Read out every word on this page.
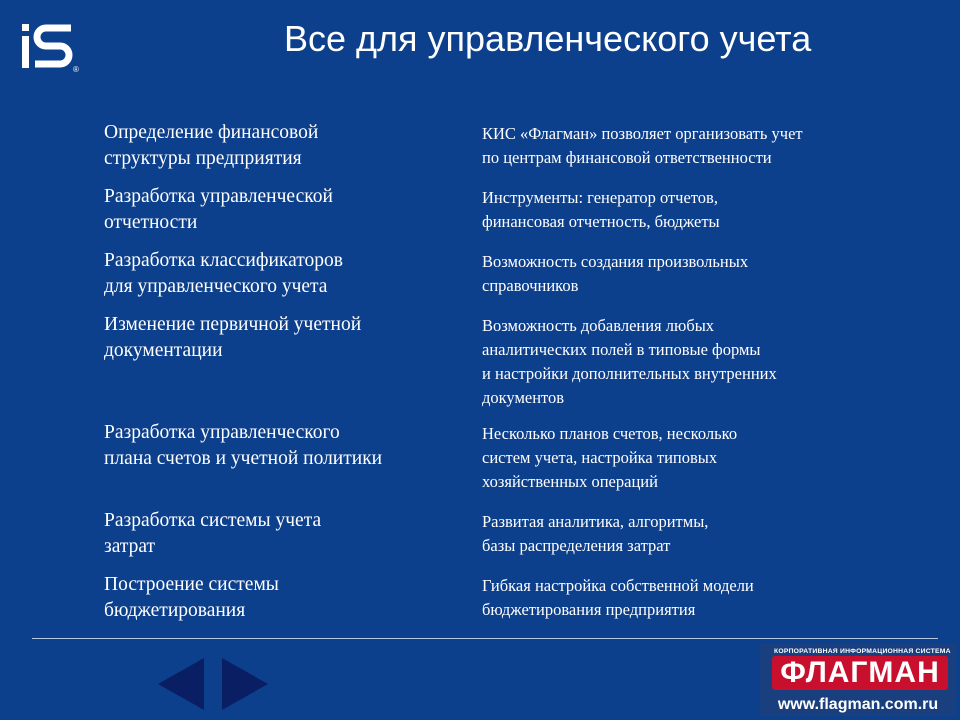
®
Все для управленческого учета
Определение финансовой
структуры предприятия
КИС «Флагман» позволяет организовать учет
по центрам финансовой ответственности
Разработка управленческой
отчетности
Инструменты: генератор отчетов,
финансовая отчетность, бюджеты
Разработка классификаторов
для управленческого учета
Возможность создания произвольных
справочников
Изменение первичной учетной
документации
Возможность добавления любых
аналитических полей в типовые формы
и настройки дополнительных внутренних
документов
Разработка управленческого
плана счетов и учетной политики
Несколько планов счетов, несколько
систем учета, настройка типовых
хозяйственных операций
Разработка системы учета
затрат
Развитая аналитика, алгоритмы,
базы распределения затрат
Построение системы
бюджетирования
Гибкая настройка собственной модели
бюджетирования предприятия
КОРПОРАТИВНАЯ ИНФОРМАЦИОННАЯ СИСТЕМА
ФЛАГМАН
www.flagman.com.ru
